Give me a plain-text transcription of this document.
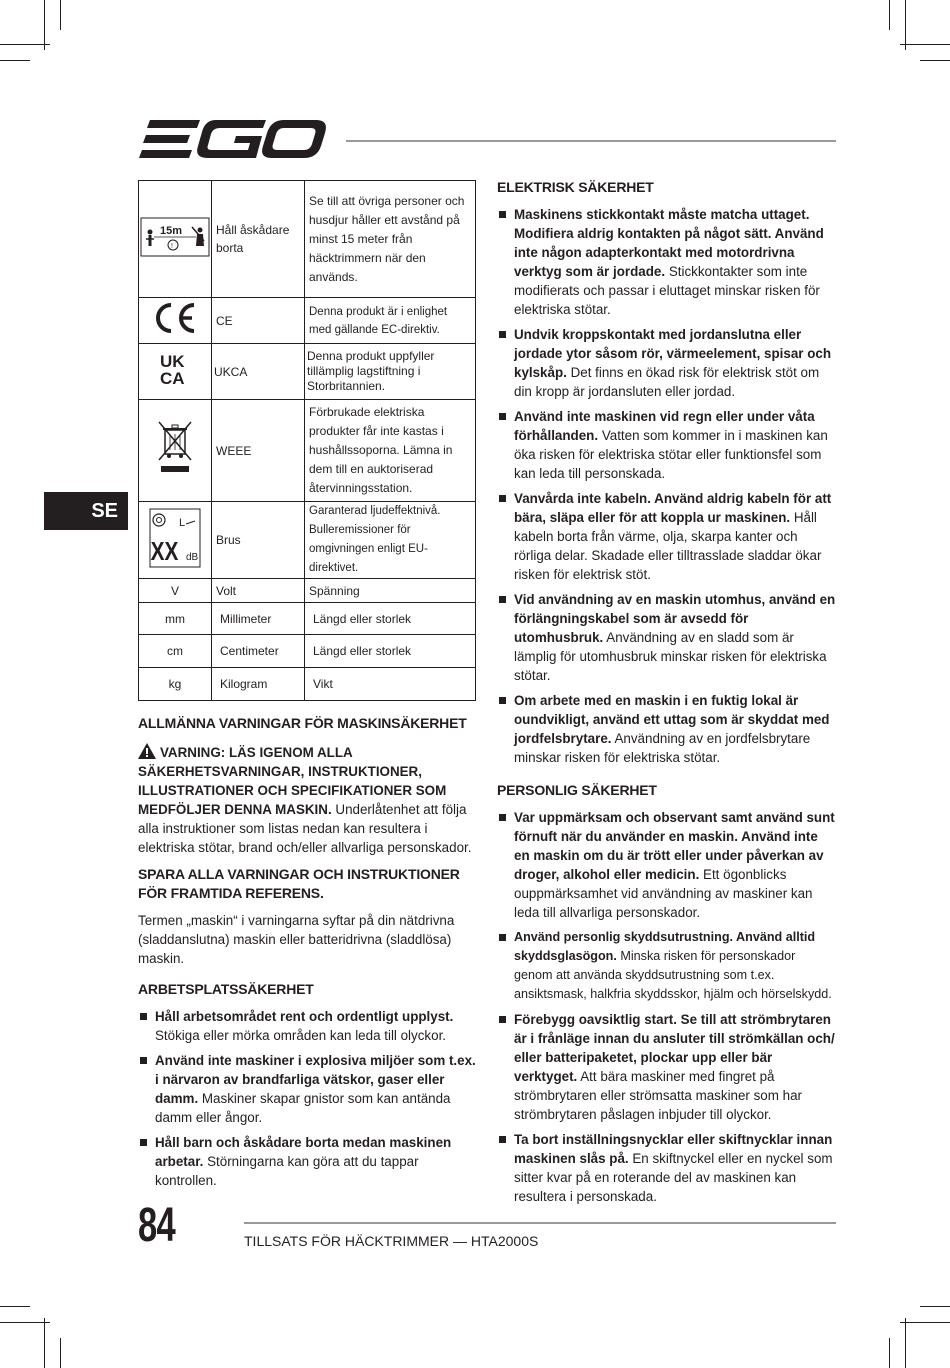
SE
15m
!	Håll åskådare borta	Se till att övriga personer och husdjur håller ett avstånd på minst 15 meter från häcktrimmern när den används.
	CE	Denna produkt är i enlighet med gällande EC-direktiv.

UK
CA	UKCA	Denna produkt uppfyller tillämplig lagstiftning i Storbritannien.
	WEEE	Förbrukade elektriska produkter får inte kastas i hushållssoporna. Lämna in dem till en auktoriserad återvinningsstation.

L
XX dB	Brus	Garanterad ljudeffektnivå. Bulleremissioner för omgivningen enligt EU-direktivet.
V	Volt	Spänning
mm	Millimeter	Längd eller storlek
cm	Centimeter	Längd eller storlek
kg	Kilogram	Vikt
ALLMÄNNA VARNINGAR FÖR MASKINSÄKERHET

VARNING: LÄS IGENOM ALLA SÄKERHETSVARNINGAR, INSTRUKTIONER, ILLUSTRATIONER OCH SPECIFIKATIONER SOM MEDFÖLJER DENNA MASKIN. Underlåtenhet att följa alla instruktioner som listas nedan kan resultera i elektriska stötar, brand och/eller allvarliga personskador.

SPARA ALLA VARNINGAR OCH INSTRUKTIONER FÖR FRAMTIDA REFERENS.

Termen „maskin“ i varningarna syftar på din nätdrivna (sladdanslutna) maskin eller batteridrivna (sladdlösa) maskin.

ARBETSPLATSSÄKERHET
Håll arbetsområdet rent och ordentligt upplyst. Stökiga eller mörka områden kan leda till olyckor.
Använd inte maskiner i explosiva miljöer som t.ex. i närvaron av brandfarliga vätskor, gaser eller damm. Maskiner skapar gnistor som kan antända damm eller ångor.
Håll barn och åskådare borta medan maskinen arbetar. Störningarna kan göra att du tappar kontrollen.
ELEKTRISK SÄKERHET
Maskinens stickkontakt måste matcha uttaget. Modifiera aldrig kontakten på något sätt. Använd inte någon adapterkontakt med motordrivna verktyg som är jordade. Stickkontakter som inte modifierats och passar i eluttaget minskar risken för elektriska stötar.
Undvik kroppskontakt med jordanslutna eller jordade ytor såsom rör, värmeelement, spisar och kylskåp. Det finns en ökad risk för elektrisk stöt om din kropp är jordansluten eller jordad.
Använd inte maskinen vid regn eller under våta förhållanden. Vatten som kommer in i maskinen kan öka risken för elektriska stötar eller funktionsfel som kan leda till personskada.
Vanvårda inte kabeln. Använd aldrig kabeln för att bära, släpa eller för att koppla ur maskinen. Håll kabeln borta från värme, olja, skarpa kanter och rörliga delar. Skadade eller tilltrasslade sladdar ökar risken för elektrisk stöt.
Vid användning av en maskin utomhus, använd en förlängningskabel som är avsedd för utomhusbruk. Användning av en sladd som är lämplig för utomhusbruk minskar risken för elektriska stötar.
Om arbete med en maskin i en fuktig lokal är oundvikligt, använd ett uttag som är skyddat med jordfelsbrytare. Användning av en jordfelsbrytare minskar risken för elektriska stötar.
PERSONLIG SÄKERHET
Var uppmärksam och observant samt använd sunt förnuft när du använder en maskin. Använd inte en maskin om du är trött eller under påverkan av droger, alkohol eller medicin. Ett ögonblicks ouppmärksamhet vid användning av maskiner kan leda till allvarliga personskador.
Använd personlig skyddsutrustning. Använd alltid skyddsglasögon. Minska risken för personskador genom att använda skyddsutrustning som t.ex. ansiktsmask, halkfria skyddsskor, hjälm och hörselskydd.
Förebygg oavsiktlig start. Se till att strömbrytaren är i frånläge innan du ansluter till strömkällan och/ eller batteripaketet, plockar upp eller bär verktyget. Att bära maskiner med fingret på strömbrytaren eller strömsatta maskiner som har strömbrytaren påslagen inbjuder till olyckor.
Ta bort inställningsnycklar eller skiftnycklar innan maskinen slås på. En skiftnyckel eller en nyckel som sitter kvar på en roterande del av maskinen kan resultera i personskada.
84	TILLSATS FÖR HÄCKTRIMMER — HTA2000S
